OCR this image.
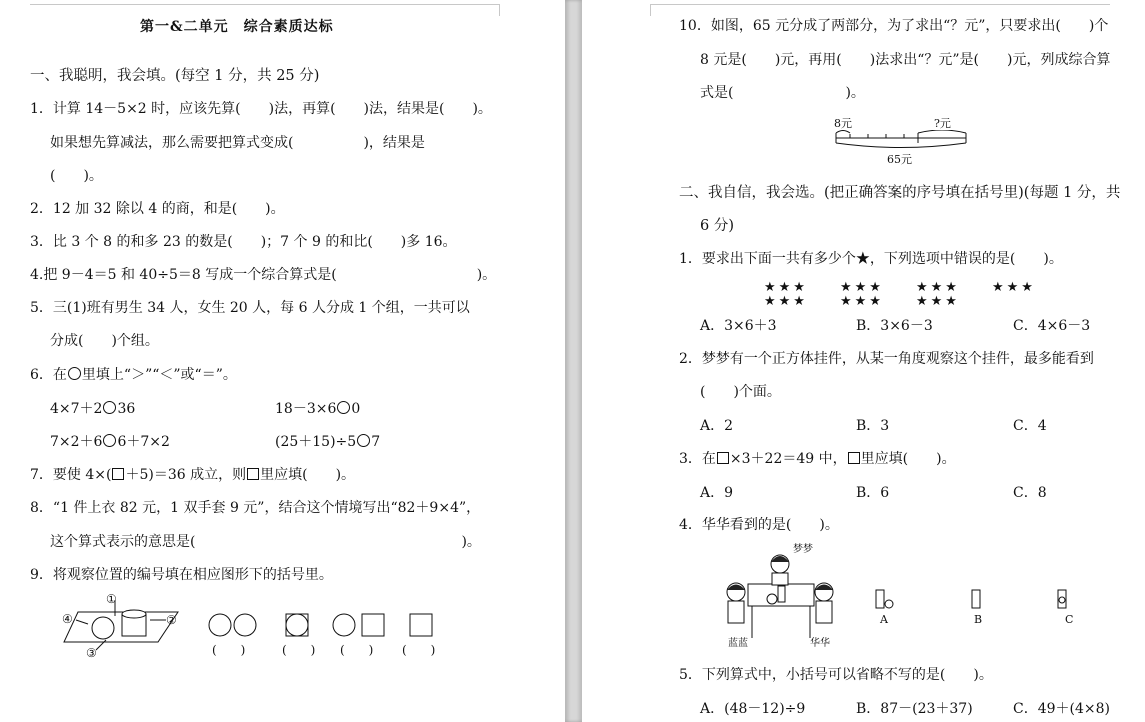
第一&二单元　综合素质达标
一、我聪明，我会填。(每空 1 分，共 25 分)
1．计算 14－5×2 时，应该先算(　　)法，再算(　　)法，结果是(　　)。
如果想先算减法，那么需要把算式变成(　　　　　)，结果是
(　　)。
2．12 加 32 除以 4 的商，和是(　　)。
3．比 3 个 8 的和多 23 的数是(　　)；7 个 9 的和比(　　)多 16。
4.把 9－4＝5 和 40÷5＝8 写成一个综合算式是(　　　　　　　　　　)。
5．三(1)班有男生 34 人，女生 20 人，每 6 人分成 1 个组，一共可以
分成(　　)个组。
6．在 里填上“＞”“＜”或“＝”。
4×7＋2 36	18－3×6 0
7×2＋6 6＋7×2	(25＋15)÷5 7
7．要使 4×( ＋5)＝36 成立，则 里应填(　　)。
8．“1 件上衣 82 元，1 双手套 9 元”，结合这个情境写出“82＋9×4”，
这个算式表示的意思是(　　　　　　　　　　　　　　　　　　　)。
9．将观察位置的编号填在相应图形下的括号里。
①
②
③
④
(　　)	(　　) (　　) (　　)
10．如图，65 元分成了两部分，为了求出“？元”，只要求出(　　)个
8 元是(　　)元，再用(　　)法求出“？元”是(　　)元，列成综合算
式是(　　　　　　　　)。
8元	?元
65元
二、我自信，我会选。(把正确答案的序号填在括号里)(每题 1 分，共
6 分)
1．要求出下面一共有多少个★，下列选项中错误的是(　　)。
★★★
★★★
★★★
★★★
★★★
★★★
★★★
A．3×6＋3	B．3×6－3	C．4×6－3
2．梦梦有一个正方体挂件，从某一角度观察这个挂件，最多能看到
(　　)个面。
A．2	B．3	C．4
3．在 ×3＋22＝49 中， 里应填(　　)。
A．9	B．6	C．8
4．华华看到的是(　　)。
梦梦
蓝蓝	华华
A	B	C
5．下列算式中，小括号可以省略不写的是(　　)。
A．(48－12)÷9	B．87－(23＋37)	C．49＋(4×8)
